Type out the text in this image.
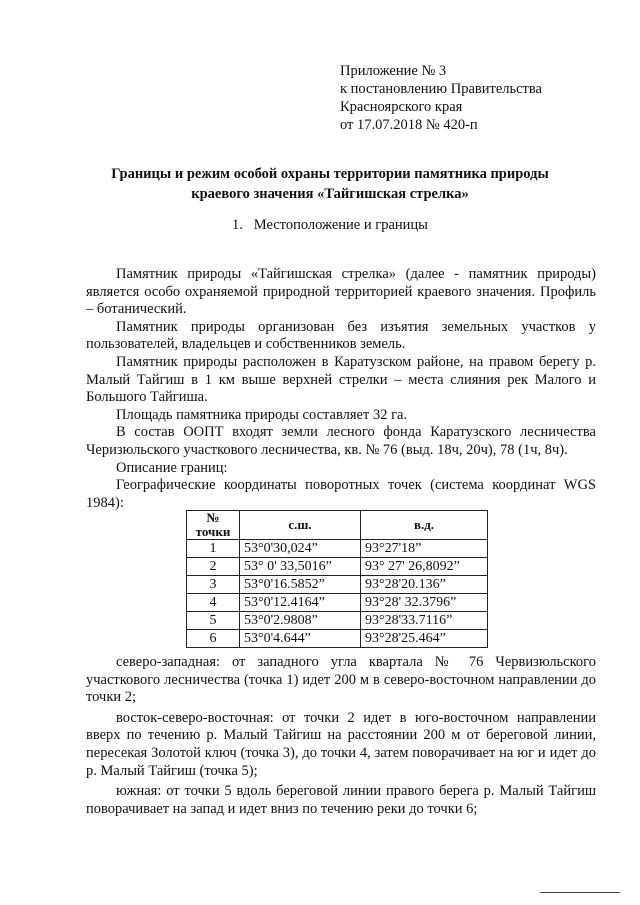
Приложение № 3
к постановлению Правительства
Красноярского края
от 17.07.2018 № 420-п
Границы и режим особой охраны территории памятника природы
краевого значения «Тайгишская стрелка»
1. Местоположение и границы

Памятник природы «Тайгишская стрелка» (далее - памятник природы) является особо охраняемой природной территорией краевого значения. Профиль – ботанический.

Памятник природы организован без изъятия земельных участков у пользователей, владельцев и собственников земель.

Памятник природы расположен в Каратузском районе, на правом берегу р. Малый Тайгиш в 1 км выше верхней стрелки – места слияния рек Малого и Большого Тайгиша.

Площадь памятника природы составляет 32 га.

В состав ООПТ входят земли лесного фонда Каратузского лесничества Черизюльского участкового лесничества, кв. № 76 (выд. 18ч, 20ч), 78 (1ч, 8ч).

Описание границ:

Географические координаты поворотных точек (система координат WGS 1984):

№ точки	с.ш.	в.д.
1	53°0'30,024”	93°27'18”
2	53° 0' 33,5016”	93° 27' 26,8092”
3	53°0'16.5852”	93°28'20.136”
4	53°0'12.4164”	93°28' 32.3796”
5	53°0'2.9808”	93°28'33.7116”
6	53°0'4.644”	93°28'25.464”

северо-западная: от западного угла квартала № 76 Червизюльского участкового лесничества (точка 1) идет 200 м в северо-восточном направлении до точки 2;

восток-северо-восточная: от точки 2 идет в юго-восточном направлении вверх по течению р. Малый Тайгиш на расстоянии 200 м от береговой линии, пересекая Золотой ключ (точка 3), до точки 4, затем поворачивает на юг и идет до р. Малый Тайгиш (точка 5);

южная: от точки 5 вдоль береговой линии правого берега р. Малый Тайгиш поворачивает на запад и идет вниз по течению реки до точки 6;
